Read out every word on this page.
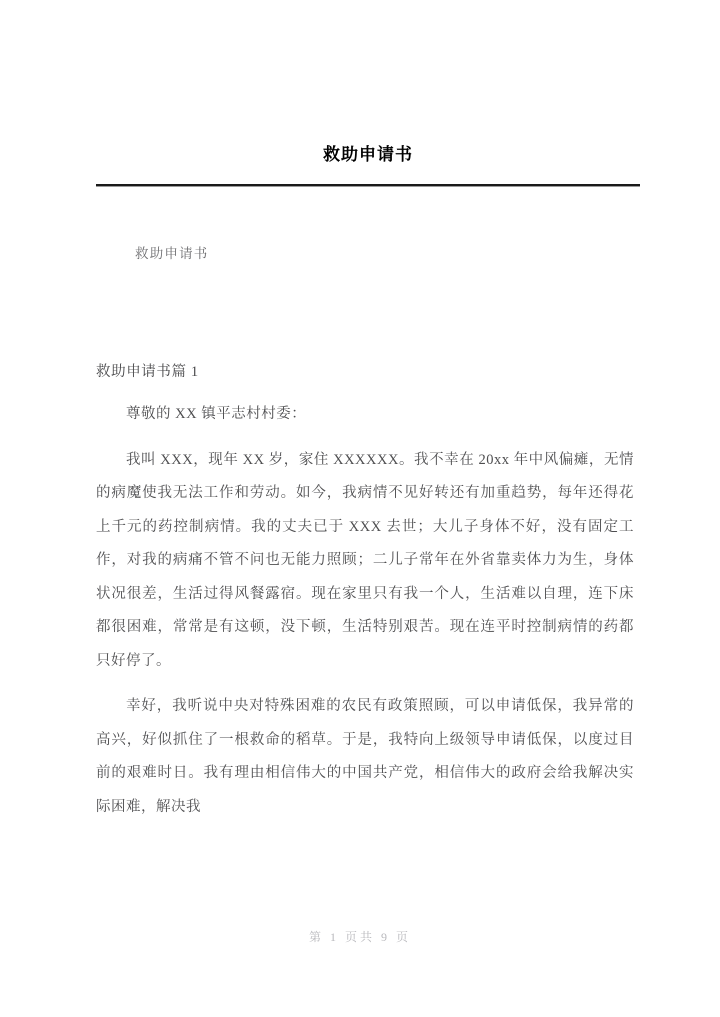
救助申请书
救助申请书
救助申请书篇 1

尊敬的 XX 镇平志村村委：

我叫 XXX，现年 XX 岁，家住 XXXXXX。我不幸在 20xx 年中风偏瘫，无情的病魔使我无法工作和劳动。如今，我病情不见好转还有加重趋势，每年还得花上千元的药控制病情。我的丈夫已于 XXX 去世；大儿子身体不好，没有固定工作，对我的病痛不管不问也无能力照顾；二儿子常年在外省靠卖体力为生，身体状况很差，生活过得风餐露宿。现在家里只有我一个人，生活难以自理，连下床都很困难，常常是有这顿，没下顿，生活特别艰苦。现在连平时控制病情的药都只好停了。

幸好，我听说中央对特殊困难的农民有政策照顾，可以申请低保，我异常的高兴，好似抓住了一根救命的稻草。于是，我特向上级领导申请低保，以度过目前的艰难时日。我有理由相信伟大的中国共产党，相信伟大的政府会给我解决实际困难，解决我

第 1 页共 9 页
